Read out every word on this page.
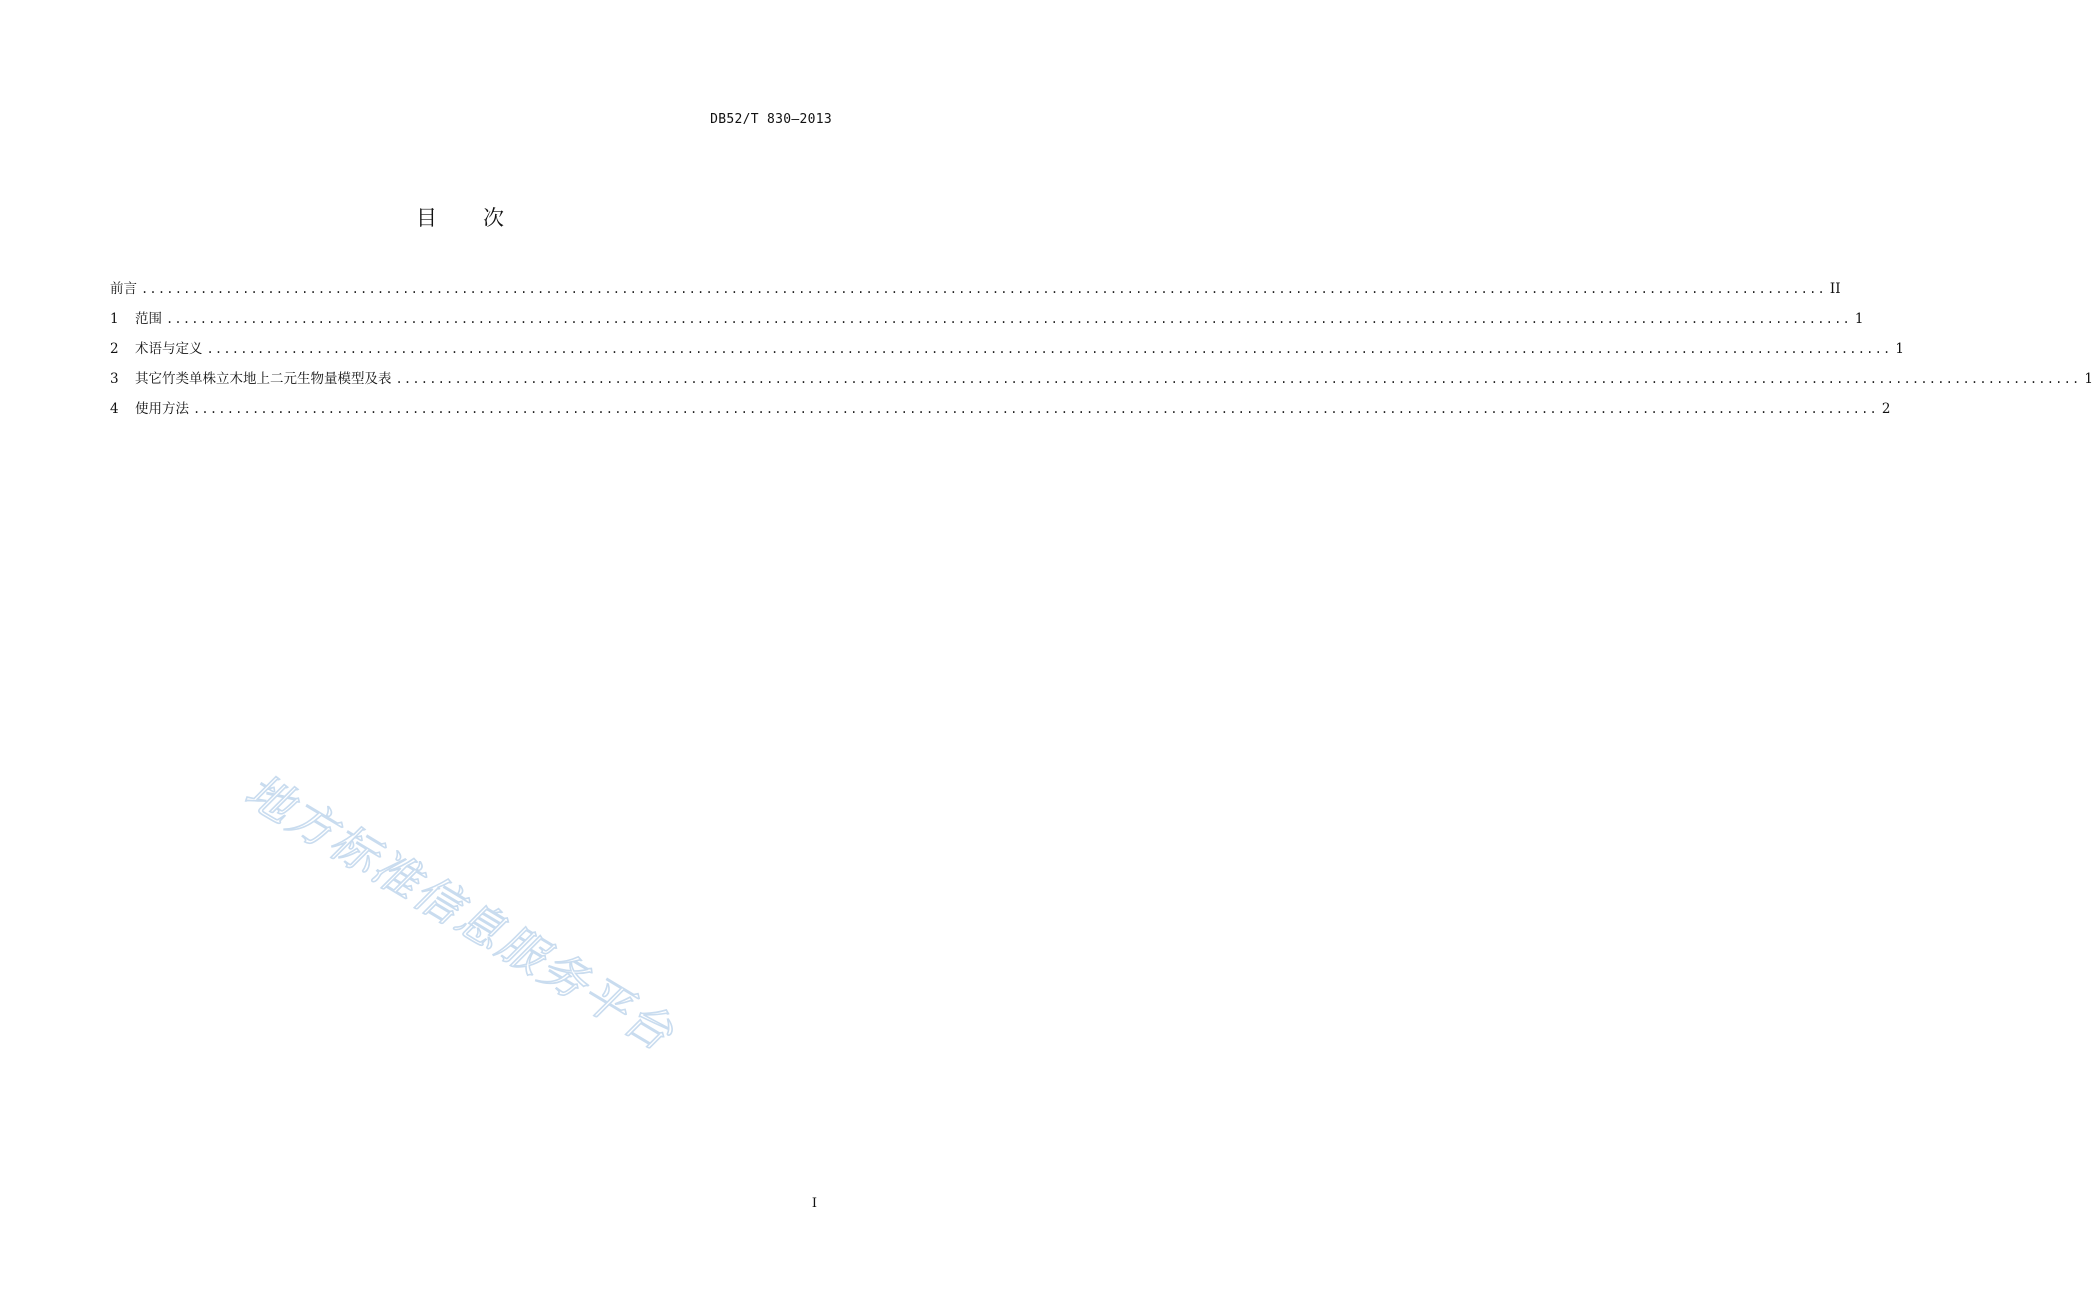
DB52/T 830—2013
目 次
前言 ........................................................................................................................................................................................................ II
1	范围 ........................................................................................................................................................................................................ 1
2	术语与定义 ........................................................................................................................................................................................................ 1
3	其它竹类单株立木地上二元生物量模型及表 ........................................................................................................................................................................................................ 1
4	使用方法 ........................................................................................................................................................................................................ 2
地方标准信息服务平台
I
